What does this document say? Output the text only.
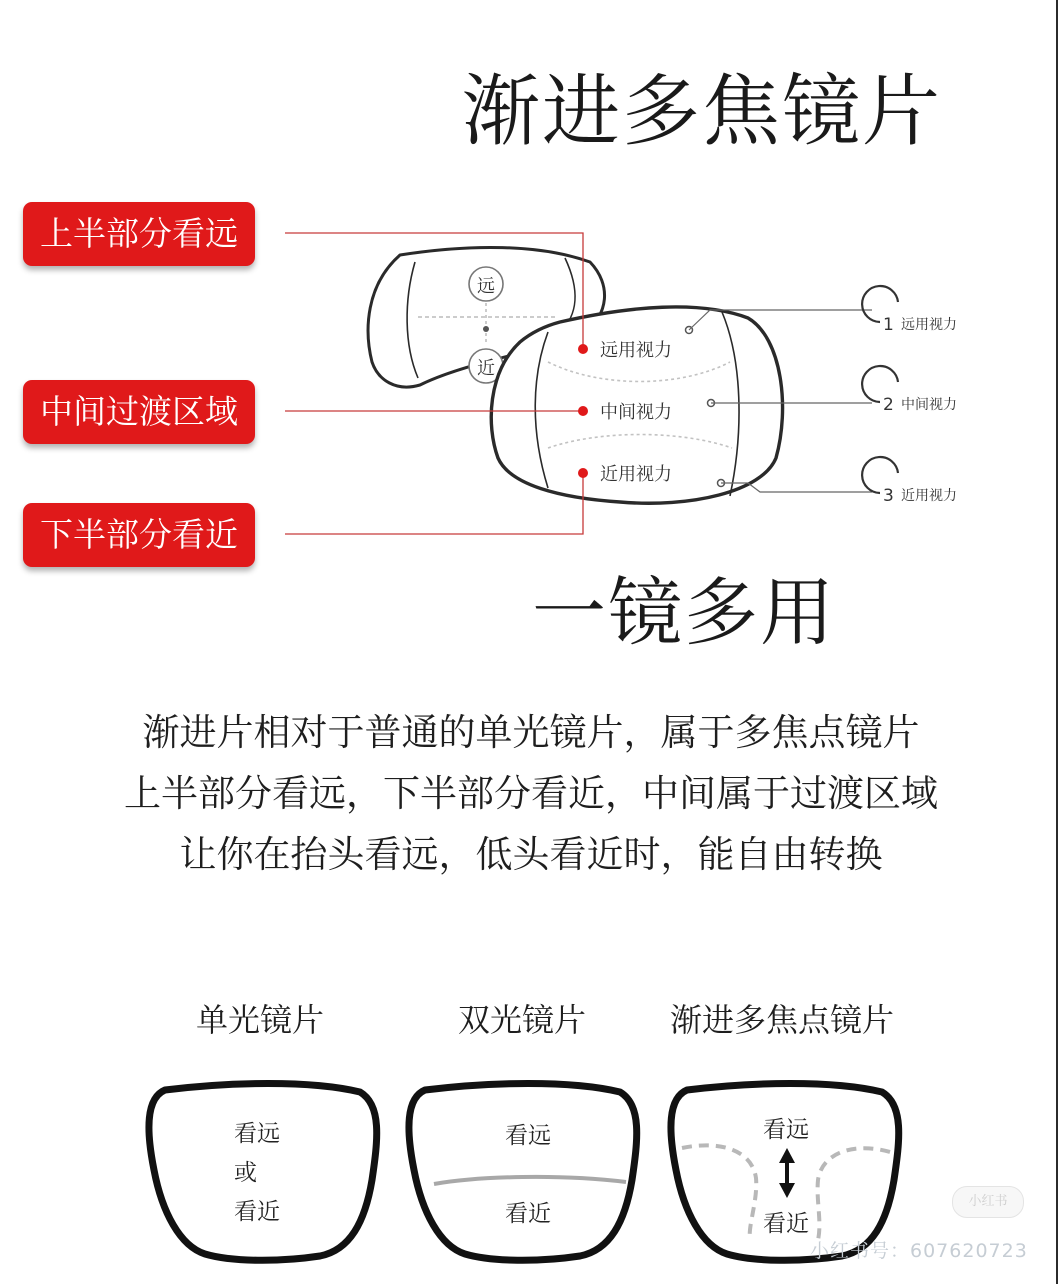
渐进多焦镜片
上半部分看远
中间过渡区域
下半部分看近
远
近
远用视力
中间视力
近用视力
1 远用视力
2 中间视力
3 近用视力
一镜多用
渐进片相对于普通的单光镜片，属于多焦点镜片
上半部分看远，下半部分看近，中间属于过渡区域
让你在抬头看远，低头看近时，能自由转换
单光镜片	双光镜片	渐进多焦点镜片
看远
或
看近
看远
看近
看远
看近
小红书
小红书号：607620723
